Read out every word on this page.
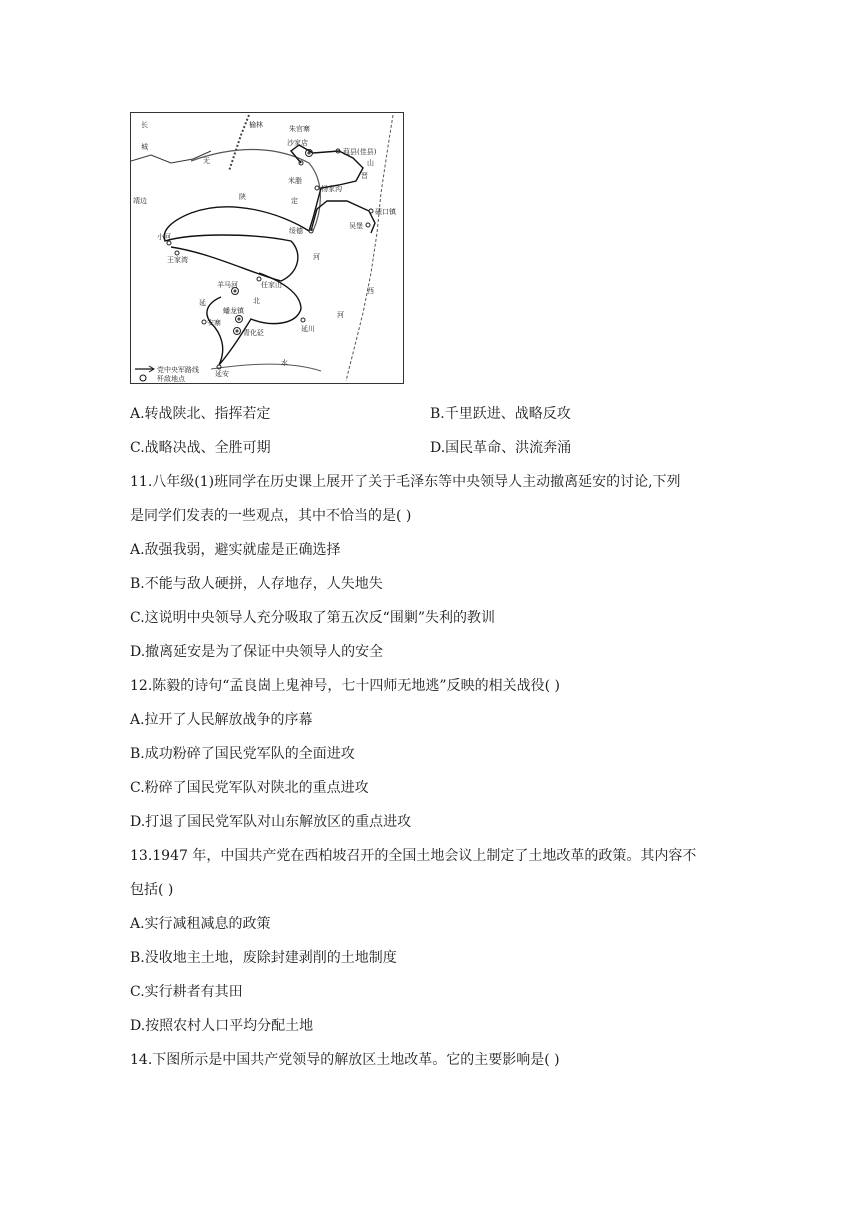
榆林	朱官寨
沙家店
葭县(佳县)
米脂
杨家沟
碛口镇
吴堡
绥德
靖边
小河
王家湾
羊马河	任家山
蟠龙镇
安寨
青化砭	延川
延安
长
城
无
定
河
河
山
西
延
水
陕
北
晋
党中央军路线
歼敌地点
A.转战陕北、指挥若定	B.千里跃进、战略反攻
C.战略决战、全胜可期	D.国民革命、洪流奔涌
11.八年级(1)班同学在历史课上展开了关于毛泽东等中央领导人主动撤离延安的讨论,下列
是同学们发表的一些观点，其中不恰当的是( )
A.敌强我弱，避实就虚是正确选择
B.不能与敌人硬拼，人存地存，人失地失
C.这说明中央领导人充分吸取了第五次反“围剿”失利的教训
D.撤离延安是为了保证中央领导人的安全
12.陈毅的诗句“孟良崮上鬼神号，七十四师无地逃”反映的相关战役( )
A.拉开了人民解放战争的序幕
B.成功粉碎了国民党军队的全面进攻
C.粉碎了国民党军队对陕北的重点进攻
D.打退了国民党军队对山东解放区的重点进攻
13.1947 年，中国共产党在西柏坡召开的全国土地会议上制定了土地改革的政策。其内容不
包括( )
A.实行减租减息的政策
B.没收地主土地，废除封建剥削的土地制度
C.实行耕者有其田
D.按照农村人口平均分配土地
14.下图所示是中国共产党领导的解放区土地改革。它的主要影响是( )
